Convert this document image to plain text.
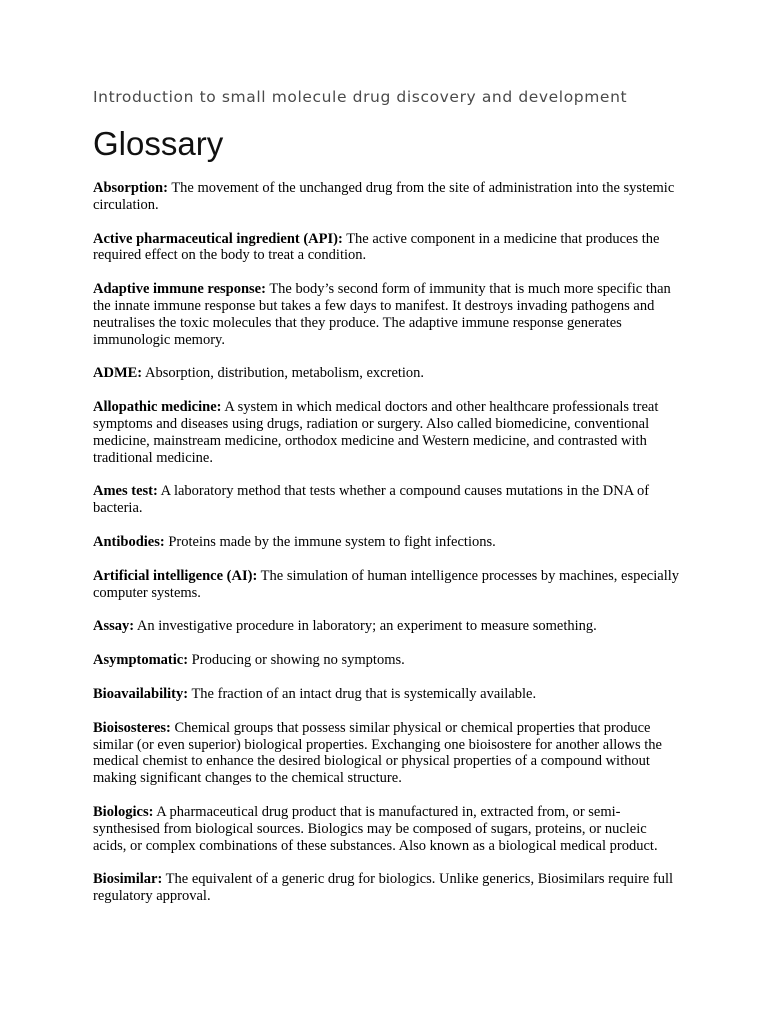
Introduction to small molecule drug discovery and development

Glossary

Absorption: The movement of the unchanged drug from the site of administration into the systemic circulation.

Active pharmaceutical ingredient (API): The active component in a medicine that produces the required effect on the body to treat a condition.

Adaptive immune response: The body’s second form of immunity that is much more specific than the innate immune response but takes a few days to manifest. It destroys invading pathogens and neutralises the toxic molecules that they produce. The adaptive immune response generates immunologic memory.

ADME: Absorption, distribution, metabolism, excretion.

Allopathic medicine: A system in which medical doctors and other healthcare professionals treat symptoms and diseases using drugs, radiation or surgery. Also called biomedicine, conventional medicine, mainstream medicine, orthodox medicine and Western medicine, and contrasted with traditional medicine.

Ames test: A laboratory method that tests whether a compound causes mutations in the DNA of bacteria.

Antibodies: Proteins made by the immune system to fight infections.

Artificial intelligence (AI): The simulation of human intelligence processes by machines, especially computer systems.

Assay: An investigative procedure in laboratory; an experiment to measure something.

Asymptomatic: Producing or showing no symptoms.

Bioavailability: The fraction of an intact drug that is systemically available.

Bioisosteres: Chemical groups that possess similar physical or chemical properties that produce similar (or even superior) biological properties. Exchanging one bioisostere for another allows the medical chemist to enhance the desired biological or physical properties of a compound without making significant changes to the chemical structure.

Biologics: A pharmaceutical drug product that is manufactured in, extracted from, or semi-synthesised from biological sources. Biologics may be composed of sugars, proteins, or nucleic acids, or complex combinations of these substances. Also known as a biological medical product.

Biosimilar: The equivalent of a generic drug for biologics. Unlike generics, Biosimilars require full regulatory approval.
